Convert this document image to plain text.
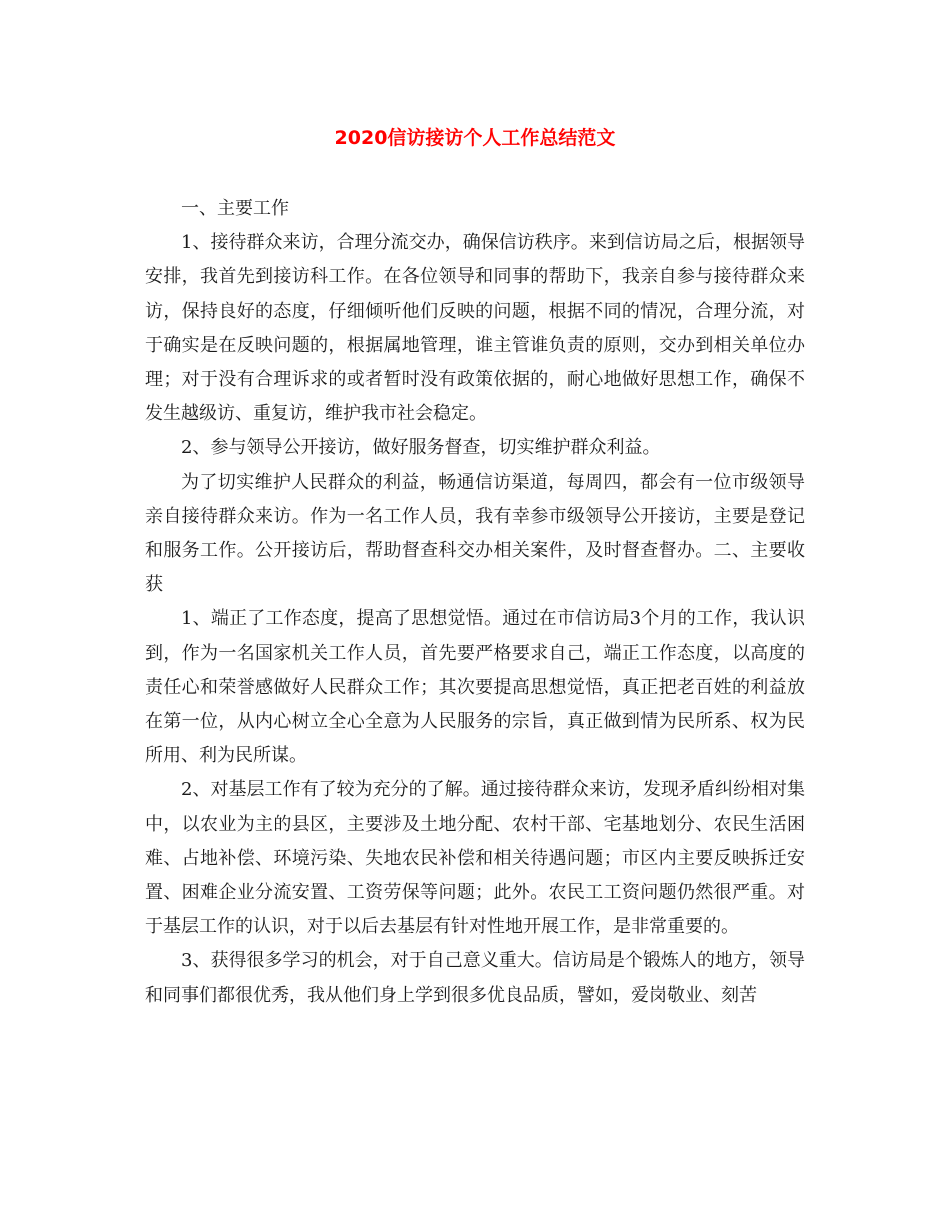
2020信访接访个人工作总结范文

一、主要工作

1、接待群众来访，合理分流交办，确保信访秩序。来到信访局之后，根据领导安排，我首先到接访科工作。在各位领导和同事的帮助下，我亲自参与接待群众来访，保持良好的态度，仔细倾听他们反映的问题，根据不同的情况，合理分流，对于确实是在反映问题的，根据属地管理，谁主管谁负责的原则，交办到相关单位办理；对于没有合理诉求的或者暂时没有政策依据的，耐心地做好思想工作，确保不发生越级访、重复访，维护我市社会稳定。

2、参与领导公开接访，做好服务督查，切实维护群众利益。

为了切实维护人民群众的利益，畅通信访渠道，每周四，都会有一位市级领导亲自接待群众来访。作为一名工作人员，我有幸参市级领导公开接访，主要是登记和服务工作。公开接访后，帮助督查科交办相关案件，及时督查督办。二、主要收获

1、端正了工作态度，提高了思想觉悟。通过在市信访局3个月的工作，我认识到，作为一名国家机关工作人员，首先要严格要求自己，端正工作态度，以高度的责任心和荣誉感做好人民群众工作；其次要提高思想觉悟，真正把老百姓的利益放在第一位，从内心树立全心全意为人民服务的宗旨，真正做到情为民所系、权为民所用、利为民所谋。

2、对基层工作有了较为充分的了解。通过接待群众来访，发现矛盾纠纷相对集中，以农业为主的县区，主要涉及土地分配、农村干部、宅基地划分、农民生活困难、占地补偿、环境污染、失地农民补偿和相关待遇问题；市区内主要反映拆迁安置、困难企业分流安置、工资劳保等问题；此外。农民工工资问题仍然很严重。对于基层工作的认识，对于以后去基层有针对性地开展工作，是非常重要的。

3、获得很多学习的机会，对于自己意义重大。信访局是个锻炼人的地方，领导和同事们都很优秀，我从他们身上学到很多优良品质，譬如，爱岗敬业、刻苦
